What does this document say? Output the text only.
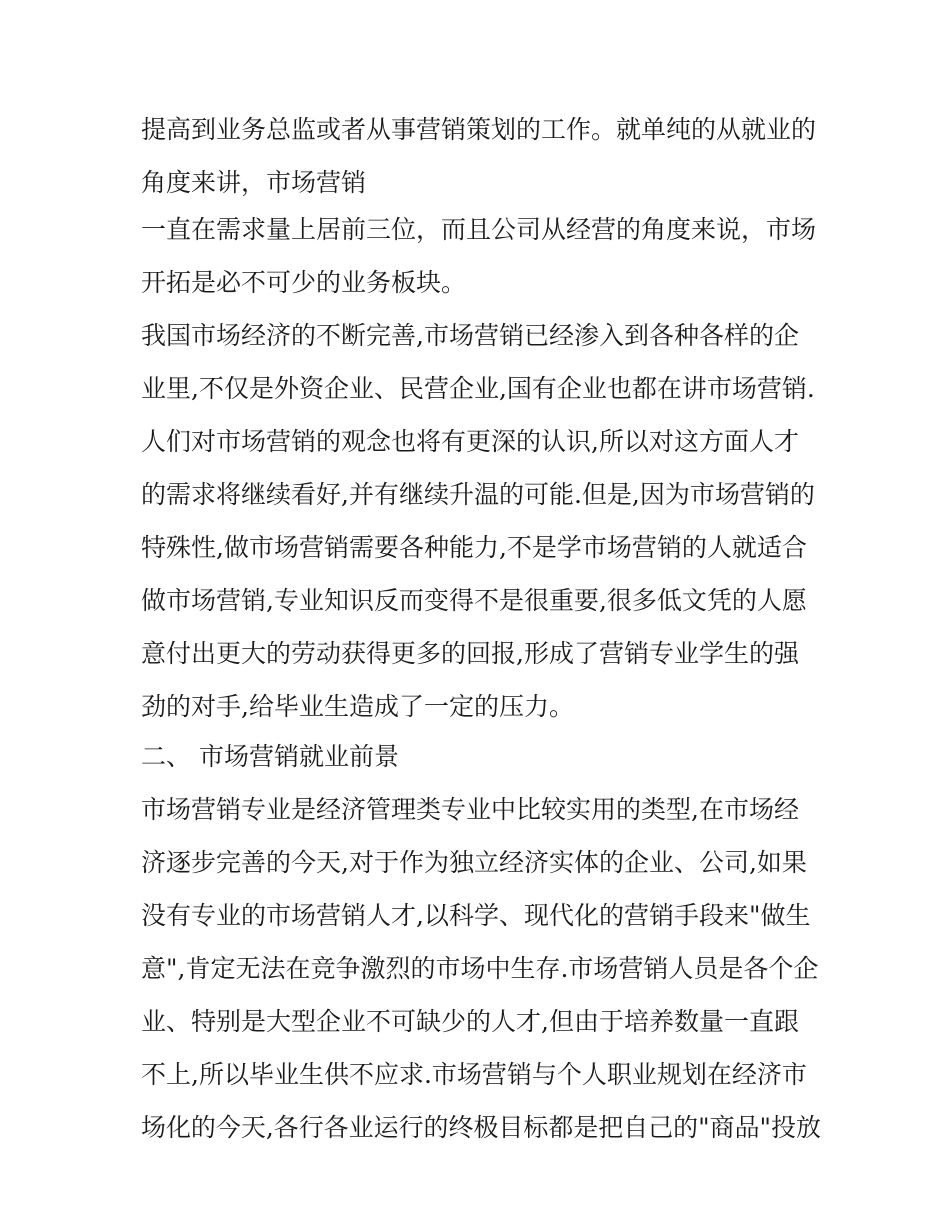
提高到业务总监或者从事营销策划的工作。就单纯的从就业的
角度来讲，市场营销
一直在需求量上居前三位，而且公司从经营的角度来说，市场
开拓是必不可少的业务板块。
我国市场经济的不断完善,市场营销已经渗入到各种各样的企
业里,不仅是外资企业、民营企业,国有企业也都在讲市场营销.
人们对市场营销的观念也将有更深的认识,所以对这方面人才
的需求将继续看好,并有继续升温的可能.但是,因为市场营销的
特殊性,做市场营销需要各种能力,不是学市场营销的人就适合
做市场营销,专业知识反而变得不是很重要,很多低文凭的人愿
意付出更大的劳动获得更多的回报,形成了营销专业学生的强
劲的对手,给毕业生造成了一定的压力。
二、 市场营销就业前景
市场营销专业是经济管理类专业中比较实用的类型,在市场经
济逐步完善的今天,对于作为独立经济实体的企业、公司,如果
没有专业的市场营销人才,以科学、现代化的营销手段来"做生
意",肯定无法在竞争激烈的市场中生存.市场营销人员是各个企
业、特别是大型企业不可缺少的人才,但由于培养数量一直跟
不上,所以毕业生供不应求.市场营销与个人职业规划在经济市
场化的今天,各行各业运行的终极目标都是把自己的"商品"投放
